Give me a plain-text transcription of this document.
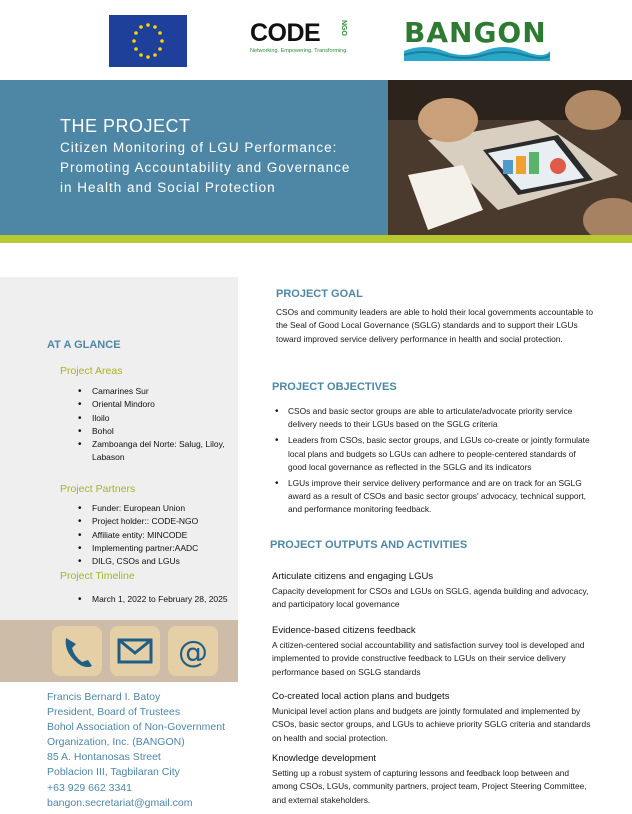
CODE	NGO
Networking. Empowering. Transforming.
BANGON
THE PROJECT
Citizen Monitoring of LGU Performance: Promoting Accountability and Governance in Health and Social Protection
AT A GLANCE
Project Areas
• Camarines Sur
• Oriental Mindoro
• Iloilo
• Bohol
• Zamboanga del Norte: Salug, Liloy, Labason
Project Partners
• Funder: European Union
• Project holder:: CODE-NGO
• Affiliate entity: MINCODE
• Implementing partner:AADC
• DILG, CSOs and LGUs
Project Timeline
• March 1, 2022 to February 28, 2025
@
Francis Bernard I. Batoy
President, Board of Trustees
Bohol Association of Non-Government
Organization, Inc. (BANGON)
85 A. Hontanosas Street
Poblacion III, Tagbilaran City
+63 929 662 3341
bangon.secretariat@gmail.com
PROJECT GOAL
CSOs and community leaders are able to hold their local governments accountable to the Seal of Good Local Governance (SGLG) standards and to support their LGUs toward improved service delivery performance in health and social protection.
PROJECT OBJECTIVES
• CSOs and basic sector groups are able to articulate/advocate priority service delivery needs to their LGUs based on the SGLG criteria
• Leaders from CSOs, basic sector groups, and LGUs co-create or jointly formulate local plans and budgets so LGUs can adhere to people-centered standards of good local governance as reflected in the SGLG and its indicators
• LGUs improve their service delivery performance and are on track for an SGLG award as a result of CSOs and basic sector groups' advocacy, technical support, and performance monitoring feedback.
PROJECT OUTPUTS AND ACTIVITIES
Articulate citizens and engaging LGUs
Capacity development for CSOs and LGUs on SGLG, agenda building and advocacy, and participatory local governance
Evidence-based citizens feedback
A citizen-centered social accountability and satisfaction survey tool is developed and implemented to provide constructive feedback to LGUs on their service delivery performance based on SGLG standards
Co-created local action plans and budgets
Municipal level action plans and budgets are jointly formulated and implemented by CSOs, basic sector groups, and LGUs to achieve priority SGLG criteria and standards on health and social protection.
Knowledge development
Setting up a robust system of capturing lessons and feedback loop between and among CSOs, LGUs, community partners, project team, Project Steering Committee, and external stakeholders.
